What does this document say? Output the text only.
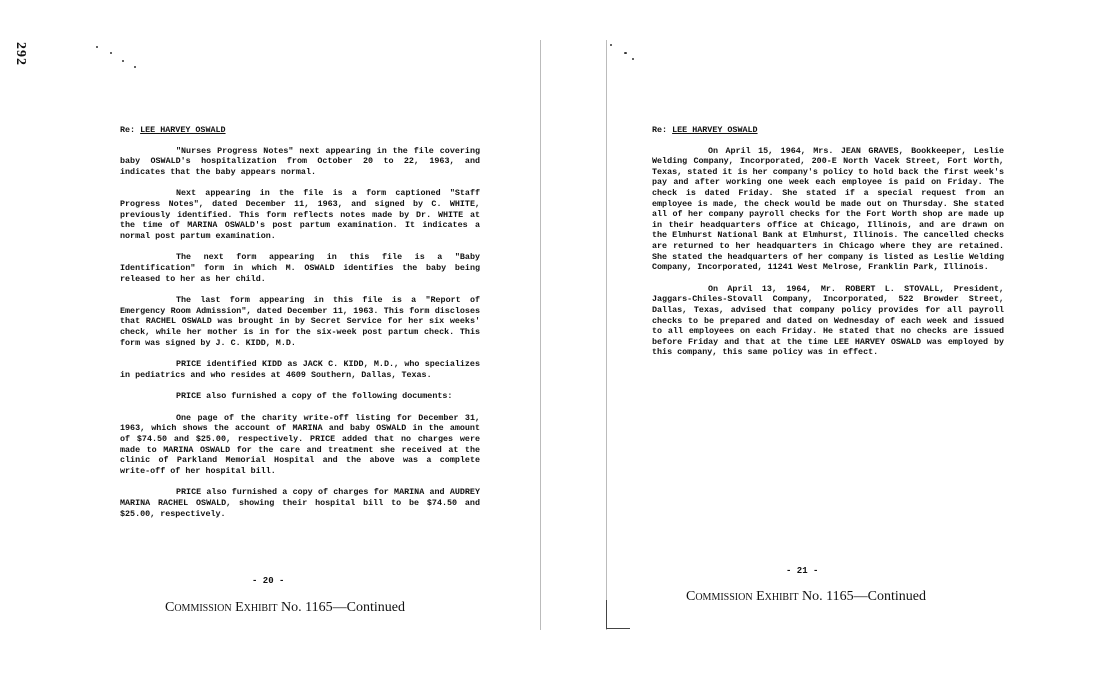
292
Re: LEE HARVEY OSWALD

"Nurses Progress Notes" next appearing in the file covering baby OSWALD's hospitalization from October 20 to 22, 1963, and indicates that the baby appears normal.

Next appearing in the file is a form captioned "Staff Progress Notes", dated December 11, 1963, and signed by C. WHITE, previously identified. This form reflects notes made by Dr. WHITE at the time of MARINA OSWALD's post partum examination. It indicates a normal post partum examination.

The next form appearing in this file is a "Baby Identification" form in which M. OSWALD identifies the baby being released to her as her child.

The last form appearing in this file is a "Report of Emergency Room Admission", dated December 11, 1963. This form discloses that RACHEL OSWALD was brought in by Secret Service for her six weeks' check, while her mother is in for the six-week post partum check. This form was signed by J. C. KIDD, M.D.

PRICE identified KIDD as JACK C. KIDD, M.D., who specializes in pediatrics and who resides at 4609 Southern, Dallas, Texas.

PRICE also furnished a copy of the following documents:

One page of the charity write-off listing for December 31, 1963, which shows the account of MARINA and baby OSWALD in the amount of $74.50 and $25.00, respectively. PRICE added that no charges were made to MARINA OSWALD for the care and treatment she received at the clinic of Parkland Memorial Hospital and the above was a complete write-off of her hospital bill.

PRICE also furnished a copy of charges for MARINA and AUDREY MARINA RACHEL OSWALD, showing their hospital bill to be $74.50 and $25.00, respectively.

- 20 -
Commission Exhibit No. 1165—Continued
Re: LEE HARVEY OSWALD

On April 15, 1964, Mrs. JEAN GRAVES, Bookkeeper, Leslie Welding Company, Incorporated, 200-E North Vacek Street, Fort Worth, Texas, stated it is her company's policy to hold back the first week's pay and after working one week each employee is paid on Friday. The check is dated Friday. She stated if a special request from an employee is made, the check would be made out on Thursday. She stated all of her company payroll checks for the Fort Worth shop are made up in their headquarters office at Chicago, Illinois, and are drawn on the Elmhurst National Bank at Elmhurst, Illinois. The cancelled checks are returned to her headquarters in Chicago where they are retained. She stated the headquarters of her company is listed as Leslie Welding Company, Incorporated, 11241 West Melrose, Franklin Park, Illinois.

On April 13, 1964, Mr. ROBERT L. STOVALL, President, Jaggars-Chiles-Stovall Company, Incorporated, 522 Browder Street, Dallas, Texas, advised that company policy provides for all payroll checks to be prepared and dated on Wednesday of each week and issued to all employees on each Friday. He stated that no checks are issued before Friday and that at the time LEE HARVEY OSWALD was employed by this company, this same policy was in effect.

- 21 -
Commission Exhibit No. 1165—Continued
